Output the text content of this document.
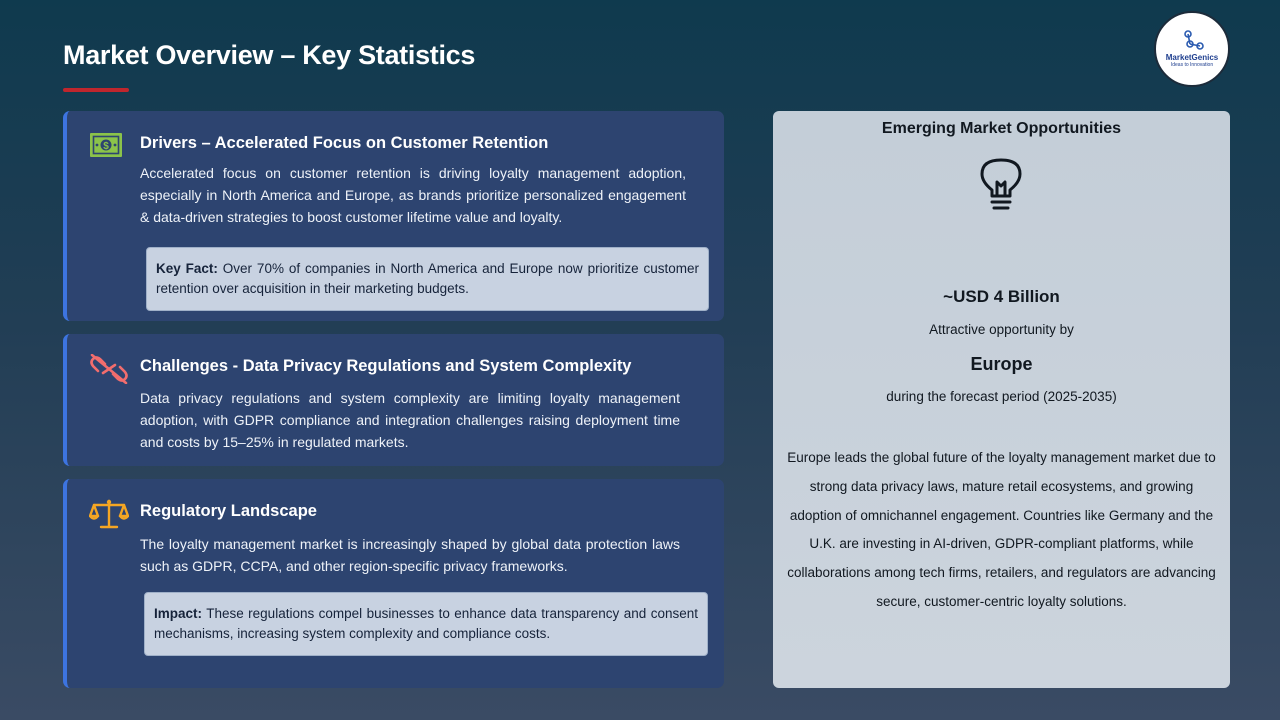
Market Overview – Key Statistics	MarketGenics
Ideas to Innovation
$ Drivers – Accelerated Focus on Customer Retention
Accelerated focus on customer retention is driving loyalty management adoption, especially in North America and Europe, as brands prioritize personalized engagement & data-driven strategies to boost customer lifetime value and loyalty.
Key Fact: Over 70% of companies in North America and Europe now prioritize customer retention over acquisition in their marketing budgets.
Challenges - Data Privacy Regulations and System Complexity
Data privacy regulations and system complexity are limiting loyalty management adoption, with GDPR compliance and integration challenges raising deployment time and costs by 15–25% in regulated markets.
Regulatory Landscape
The loyalty management market is increasingly shaped by global data protection laws such as GDPR, CCPA, and other region-specific privacy frameworks.
Impact: These regulations compel businesses to enhance data transparency and consent mechanisms, increasing system complexity and compliance costs.
Emerging Market Opportunities
~USD 4 Billion
Attractive opportunity by
Europe
during the forecast period (2025-2035)
Europe leads the global future of the loyalty management market due to strong data privacy laws, mature retail ecosystems, and growing adoption of omnichannel engagement. Countries like Germany and the U.K. are investing in AI-driven, GDPR-compliant platforms, while collaborations among tech firms, retailers, and regulators are advancing secure, customer-centric loyalty solutions.
